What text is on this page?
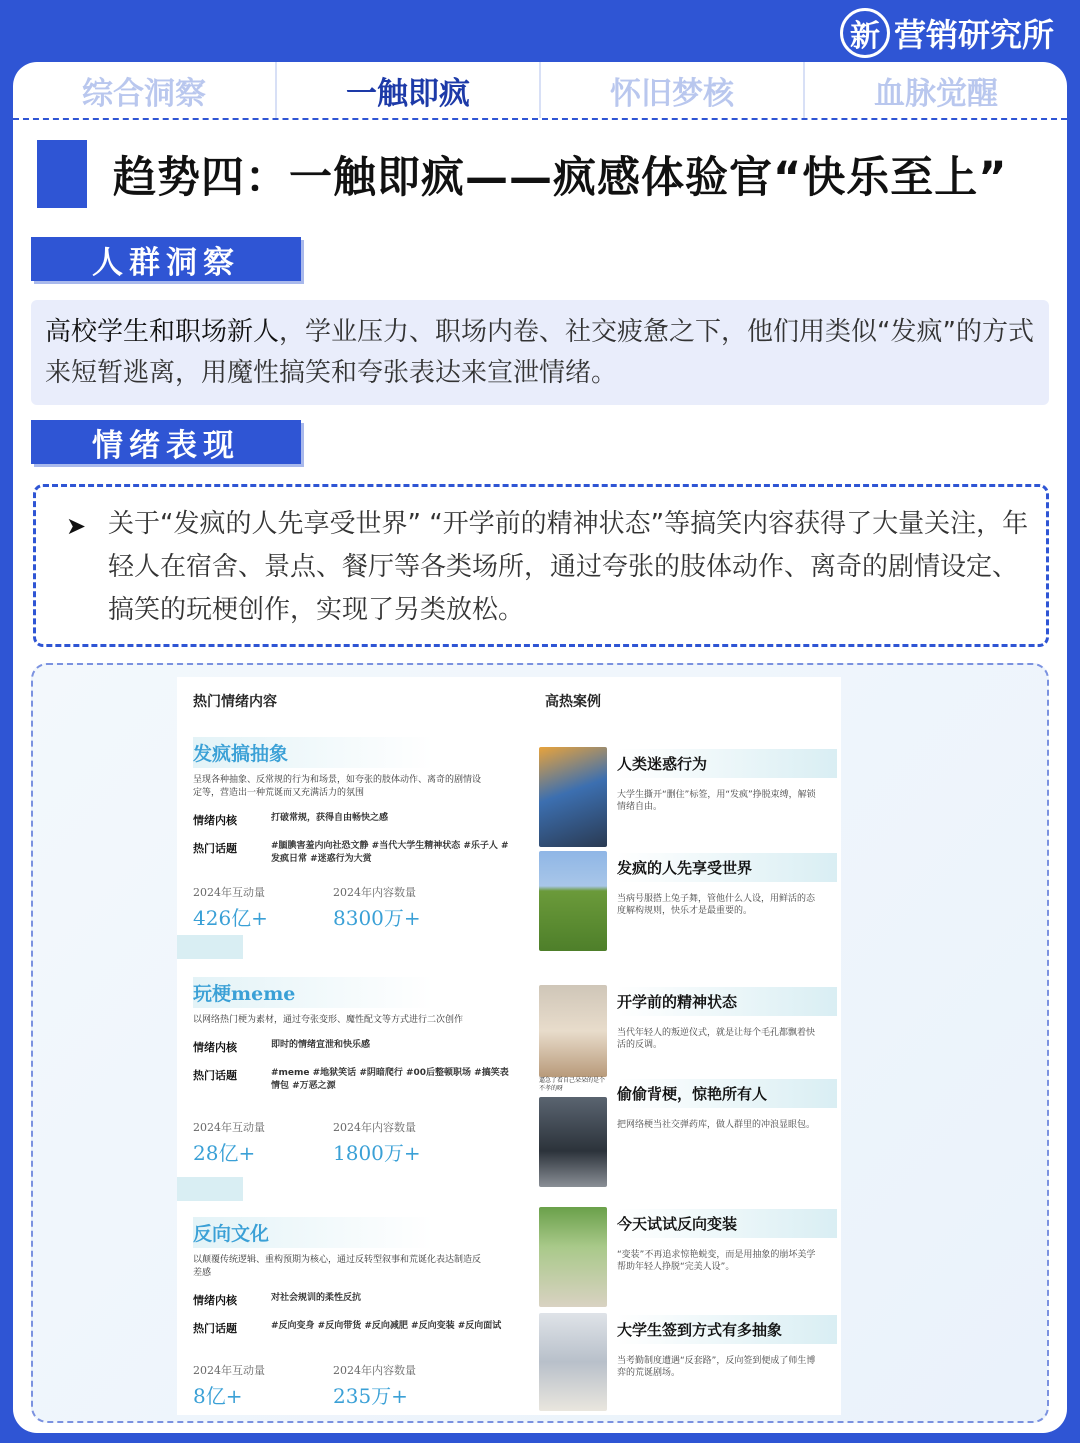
新 营销研究所
综合洞察	一触即疯	怀旧梦核	血脉觉醒
趋势四：一触即疯——疯感体验官“快乐至上”
人群洞察
高校学生和职场新人，学业压力、职场内卷、社交疲惫之下，他们用类似“发疯”的方式来短暂逃离，用魔性搞笑和夸张表达来宣泄情绪。
情绪表现
➤ 关于“发疯的人先享受世界” “开学前的精神状态”等搞笑内容获得了大量关注，年轻人在宿舍、景点、餐厅等各类场所，通过夸张的肢体动作、离奇的剧情设定、搞笑的玩梗创作，实现了另类放松。
热门情绪内容	高热案例
发疯搞抽象
呈现各种抽象、反常规的行为和场景，如夸张的肢体动作、离奇的剧情设定等，营造出一种荒诞而又充满活力的氛围
情绪内核	打破常规，获得自由畅快之感
热门话题	#腼腆害羞内向社恐文静 #当代大学生精神状态 #乐子人 #发疯日常 #迷惑行为大赏
2024年互动量
426亿+
2024年内容数量
8300万+
玩梗meme
以网络热门梗为素材，通过夸张变形、魔性配文等方式进行二次创作
情绪内核	即时的情绪宣泄和快乐感
热门话题	#meme #地狱笑话 #阴暗爬行 #00后整顿职场 #搞笑表情包 #万恶之源
2024年互动量
28亿+
2024年内容数量
1800万+
反向文化
以颠覆传统逻辑、重构预期为核心，通过反转型叙事和荒诞化表达制造反差感
情绪内核	对社会规训的柔性反抗
热门话题	#反向变身 #反向带货 #反向减肥 #反向变装 #反向面试
2024年互动量
8亿+
2024年内容数量
235万+
人类迷惑行为
大学生撕开“删住”标签，用“发疯”挣脱束缚，解锁情绪自由。
发疯的人先享受世界
当病号服搭上兔子舞，管他什么人设，用鲜活的态度解构规则，快乐才是最重要的。
开学前的精神状态
当代年轻人的叛逆仪式，就是让每个毛孔都飘着快活的反调。
逼急了看自己朵朵的是个不孝的呀	偷偷背梗，惊艳所有人
把网络梗当社交弹药库，做人群里的冲浪显眼包。
今天试试反向变装
“变装”不再追求惊艳蜕变，而是用抽象的崩坏美学帮助年轻人挣脱“完美人设”。
大学生签到方式有多抽象
当考勤制度遭遇“反套路”，反向签到便成了师生博弈的荒诞剧场。
